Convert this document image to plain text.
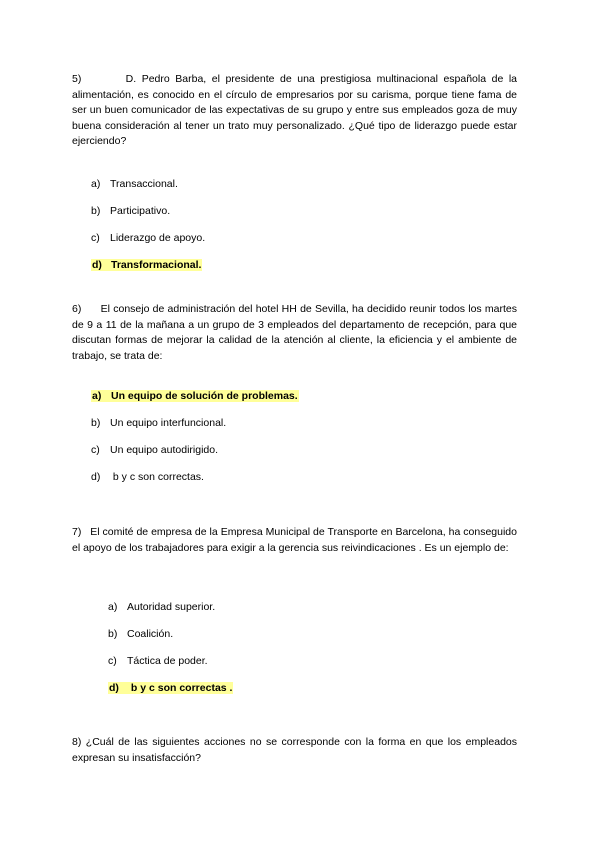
5)        D. Pedro Barba, el presidente de una prestigiosa multinacional española de la alimentación, es conocido en el círculo de empresarios por su carisma, porque tiene fama de ser un buen comunicador de las expectativas de su grupo y entre sus empleados goza de muy buena consideración al tener un trato muy personalizado. ¿Qué tipo de liderazgo puede estar ejerciendo?
a) Transaccional.
b) Participativo.
c) Liderazgo de apoyo.
d) Transformacional.
6)      El consejo de administración del hotel HH de Sevilla, ha decidido reunir todos los martes de 9 a 11 de la mañana a un grupo de 3 empleados del departamento de recepción, para que discutan formas de mejorar la calidad de la atención al cliente, la eficiencia y el ambiente de trabajo, se trata de:
a) Un equipo de solución de problemas.
b) Un equipo interfuncional.
c) Un equipo autodirigido.
d) b y c son correctas.
7)   El comité de empresa de la Empresa Municipal de Transporte en Barcelona, ha conseguido el apoyo de los trabajadores para exigir a la gerencia sus reivindicaciones . Es un ejemplo de:
a) Autoridad superior.
b) Coalición.
c) Táctica de poder.
d) b y c son correctas .
8) ¿Cuál de las siguientes acciones no se corresponde con la forma en que los empleados expresan su insatisfacción?
